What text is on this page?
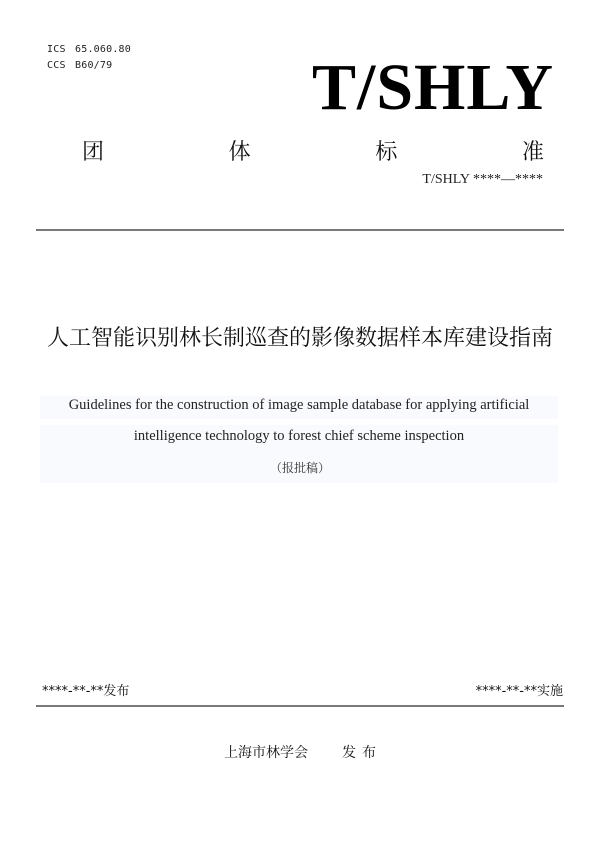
ICS 65.060.80
CCS B60/79	T/SHLY
团	体	标	准
T/SHLY ****—****
人工智能识别林长制巡查的影像数据样本库建设指南
Guidelines for the construction of image sample database for applying artificial
intelligence technology to forest chief scheme inspection
（报批稿）
****-**-**发布	****-**-**实施
上海市林学会 发 布
